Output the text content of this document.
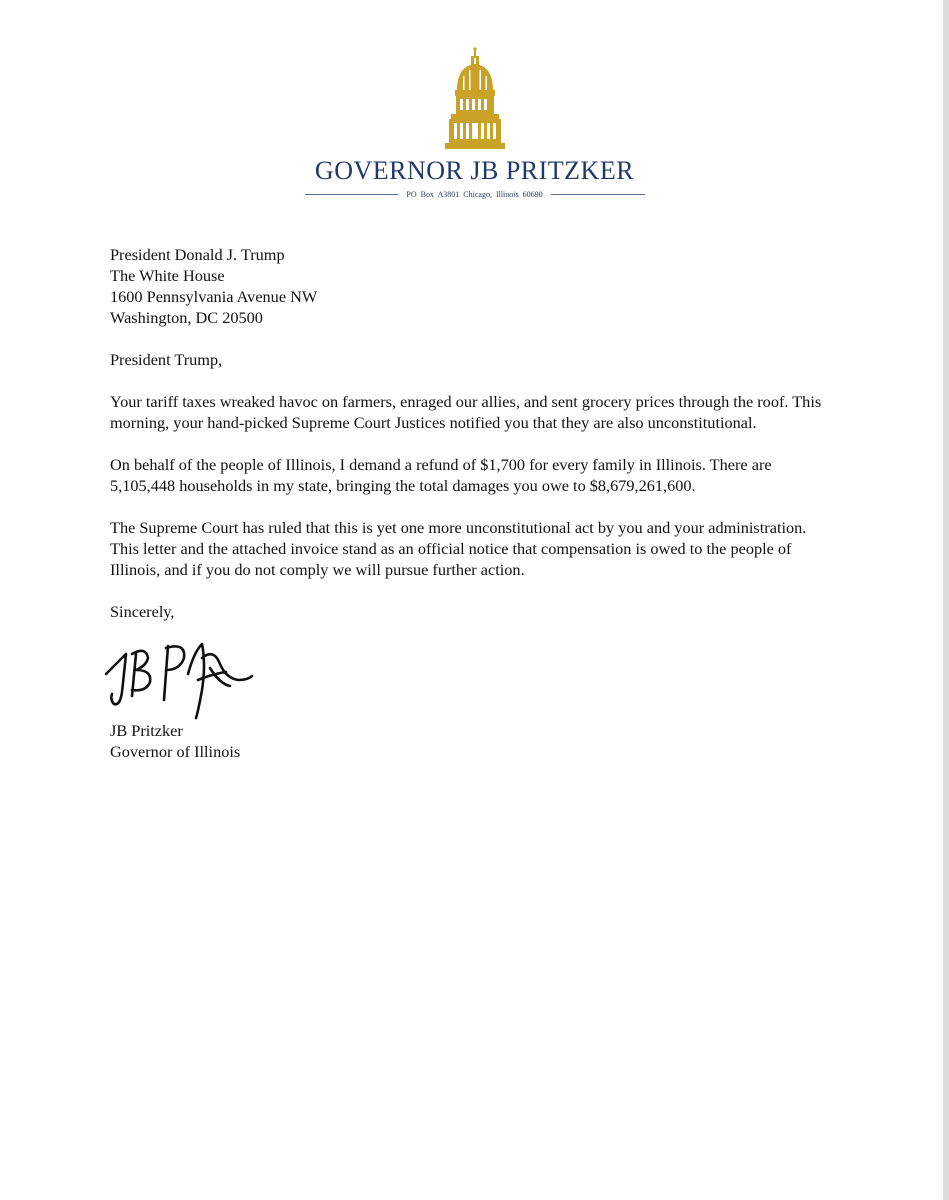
GOVERNOR JB PRITZKER
PO Box A3801 Chicago, Illinois 60690
President Donald J. Trump
The White House
1600 Pennsylvania Avenue NW
Washington, DC 20500
President Trump,
Your tariff taxes wreaked havoc on farmers, enraged our allies, and sent grocery prices through the roof. This morning, your hand-picked Supreme Court Justices notified you that they are also unconstitutional.
On behalf of the people of Illinois, I demand a refund of $1,700 for every family in Illinois. There are 5,105,448 households in my state, bringing the total damages you owe to $8,679,261,600.
The Supreme Court has ruled that this is yet one more unconstitutional act by you and your administration. This letter and the attached invoice stand as an official notice that compensation is owed to the people of Illinois, and if you do not comply we will pursue further action.
Sincerely,
JB Pritzker
Governor of Illinois
